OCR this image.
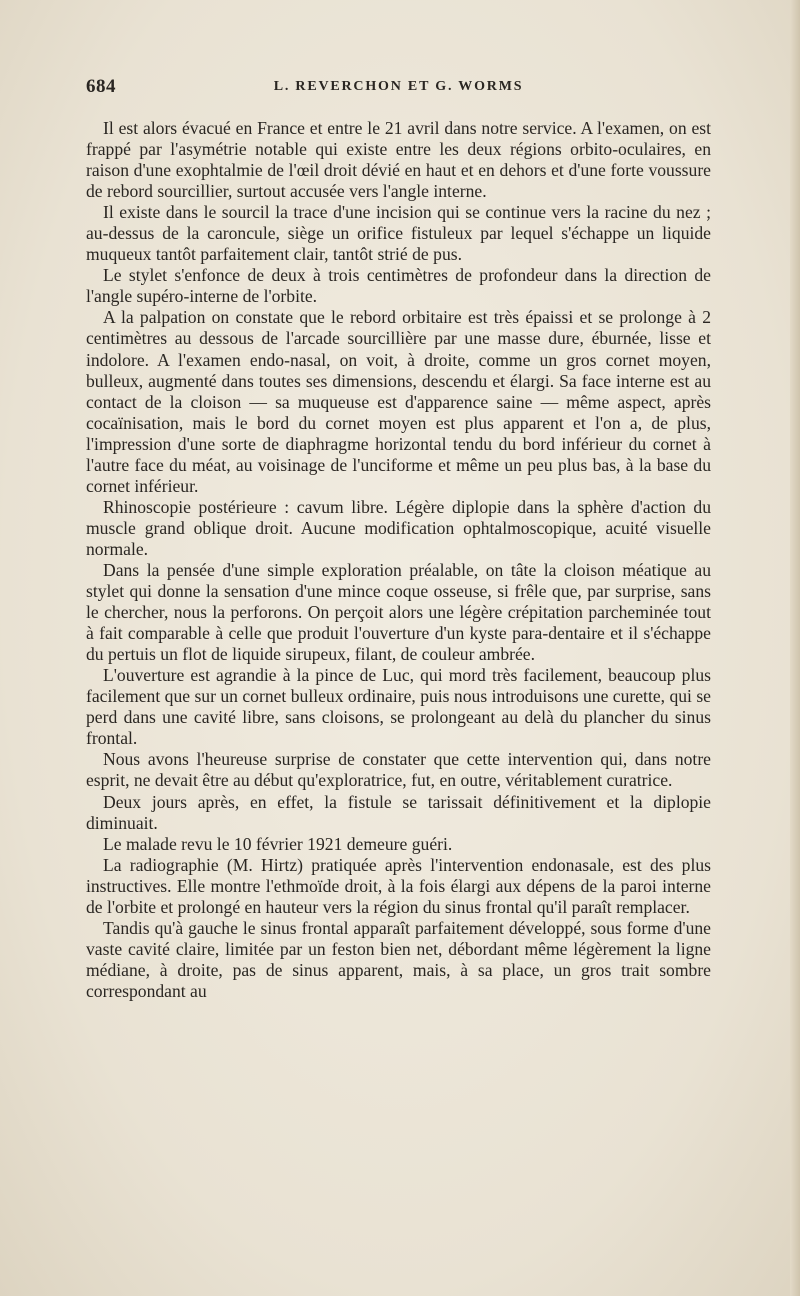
684	L. REVERCHON ET G. WORMS

Il est alors évacué en France et entre le 21 avril dans notre service. A l'examen, on est frappé par l'asymétrie notable qui existe entre les deux régions orbito-oculaires, en raison d'une exophtalmie de l'œil droit dévié en haut et en dehors et d'une forte voussure de rebord sourcillier, surtout accusée vers l'angle interne.

Il existe dans le sourcil la trace d'une incision qui se continue vers la racine du nez ; au-dessus de la caroncule, siège un orifice fistuleux par lequel s'échappe un liquide muqueux tantôt parfaitement clair, tantôt strié de pus.

Le stylet s'enfonce de deux à trois centimètres de profondeur dans la direction de l'angle supéro-interne de l'orbite.

A la palpation on constate que le rebord orbitaire est très épaissi et se prolonge à 2 centimètres au dessous de l'arcade sourcillière par une masse dure, éburnée, lisse et indolore. A l'examen endo-nasal, on voit, à droite, comme un gros cornet moyen, bulleux, augmenté dans toutes ses dimensions, descendu et élargi. Sa face interne est au contact de la cloison — sa muqueuse est d'apparence saine — même aspect, après cocaïnisation, mais le bord du cornet moyen est plus apparent et l'on a, de plus, l'impression d'une sorte de diaphragme horizontal tendu du bord inférieur du cornet à l'autre face du méat, au voisinage de l'unciforme et même un peu plus bas, à la base du cornet inférieur.

Rhinoscopie postérieure : cavum libre. Légère diplopie dans la sphère d'action du muscle grand oblique droit. Aucune modification ophtalmoscopique, acuité visuelle normale.

Dans la pensée d'une simple exploration préalable, on tâte la cloison méatique au stylet qui donne la sensation d'une mince coque osseuse, si frêle que, par surprise, sans le chercher, nous la perforons. On perçoit alors une légère crépitation parcheminée tout à fait comparable à celle que produit l'ouverture d'un kyste para-dentaire et il s'échappe du pertuis un flot de liquide sirupeux, filant, de couleur ambrée.

L'ouverture est agrandie à la pince de Luc, qui mord très facilement, beaucoup plus facilement que sur un cornet bulleux ordinaire, puis nous introduisons une curette, qui se perd dans une cavité libre, sans cloisons, se prolongeant au delà du plancher du sinus frontal.

Nous avons l'heureuse surprise de constater que cette intervention qui, dans notre esprit, ne devait être au début qu'exploratrice, fut, en outre, véritablement curatrice.

Deux jours après, en effet, la fistule se tarissait définitivement et la diplopie diminuait.

Le malade revu le 10 février 1921 demeure guéri.

La radiographie (M. Hirtz) pratiquée après l'intervention endonasale, est des plus instructives. Elle montre l'ethmoïde droit, à la fois élargi aux dépens de la paroi interne de l'orbite et prolongé en hauteur vers la région du sinus frontal qu'il paraît remplacer.

Tandis qu'à gauche le sinus frontal apparaît parfaitement développé, sous forme d'une vaste cavité claire, limitée par un feston bien net, débordant même légèrement la ligne médiane, à droite, pas de sinus apparent, mais, à sa place, un gros trait sombre correspondant au
